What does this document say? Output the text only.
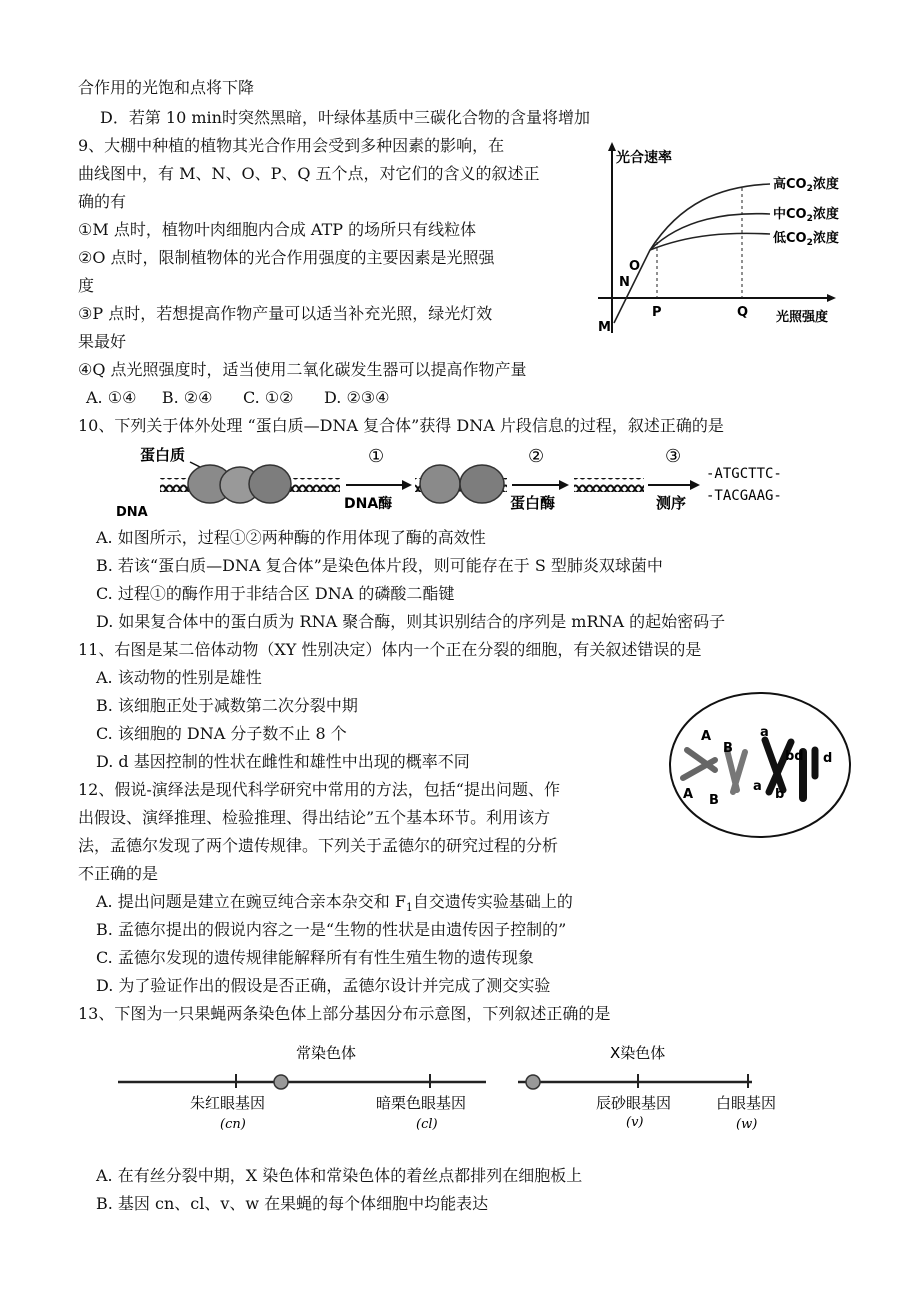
合作用的光饱和点将下降
D．若第 10 min时突然黑暗，叶绿体基质中三碳化合物的含量将增加
9、大棚中种植的植物其光合作用会受到多种因素的影响，在
曲线图中，有 M、N、O、P、Q 五个点，对它们的含义的叙述正
确的有
①M 点时，植物叶肉细胞内合成 ATP 的场所只有线粒体
②O 点时，限制植物体的光合作用强度的主要因素是光照强
度
③P 点时，若想提高作物产量可以适当补充光照，绿光灯效
果最好
④Q 点光照强度时，适当使用二氧化碳发生器可以提高作物产量
A. ①④     B. ②④      C. ①②      D. ②③④
10、下列关于体外处理 “蛋白质—DNA 复合体”获得 DNA 片段信息的过程，叙述正确的是
A. 如图所示，过程①②两种酶的作用体现了酶的高效性
B. 若该“蛋白质—DNA 复合体”是染色体片段，则可能存在于 S 型肺炎双球菌中
C. 过程①的酶作用于非结合区 DNA 的磷酸二酯键
D. 如果复合体中的蛋白质为 RNA 聚合酶，则其识别结合的序列是 mRNA 的起始密码子
11、右图是某二倍体动物（XY 性别决定）体内一个正在分裂的细胞，有关叙述错误的是
A. 该动物的性别是雄性
B. 该细胞正处于减数第二次分裂中期
C. 该细胞的 DNA 分子数不止 8 个
D. d 基因控制的性状在雌性和雄性中出现的概率不同
12、假说-演绎法是现代科学研究中常用的方法，包括“提出问题、作
出假设、演绎推理、检验推理、得出结论”五个基本环节。利用该方
法，孟德尔发现了两个遗传规律。下列关于孟德尔的研究过程的分析
不正确的是
A. 提出问题是建立在豌豆纯合亲本杂交和 $F_1$自交遗传实验基础上的
B. 孟德尔提出的假说内容之一是“生物的性状是由遗传因子控制的”
C. 孟德尔发现的遗传规律能解释所有有性生殖生物的遗传现象
D. 为了验证作出的假设是否正确，孟德尔设计并完成了测交实验
13、下图为一只果蝇两条染色体上部分基因分布示意图，下列叙述正确的是
A. 在有丝分裂中期，X 染色体和常染色体的着丝点都排列在细胞板上
B. 基因 cn、cl、v、w 在果蝇的每个体细胞中均能表达
光合速率
光照强度
高$CO_2$浓度
中$CO_2$浓度
低$CO_2$浓度
M
N
O
P	Q
蛋白质
DNA
①
DNA酶
②
蛋白酶
③
测序
-ATGCTTC-
-TACGAAG-
A
A
B
B
a
a
b
bd d
常染色体	X染色体
朱红眼基因
(cn)
暗栗色眼基因
(cl)
辰砂眼基因
(v)
白眼基因
(w)
